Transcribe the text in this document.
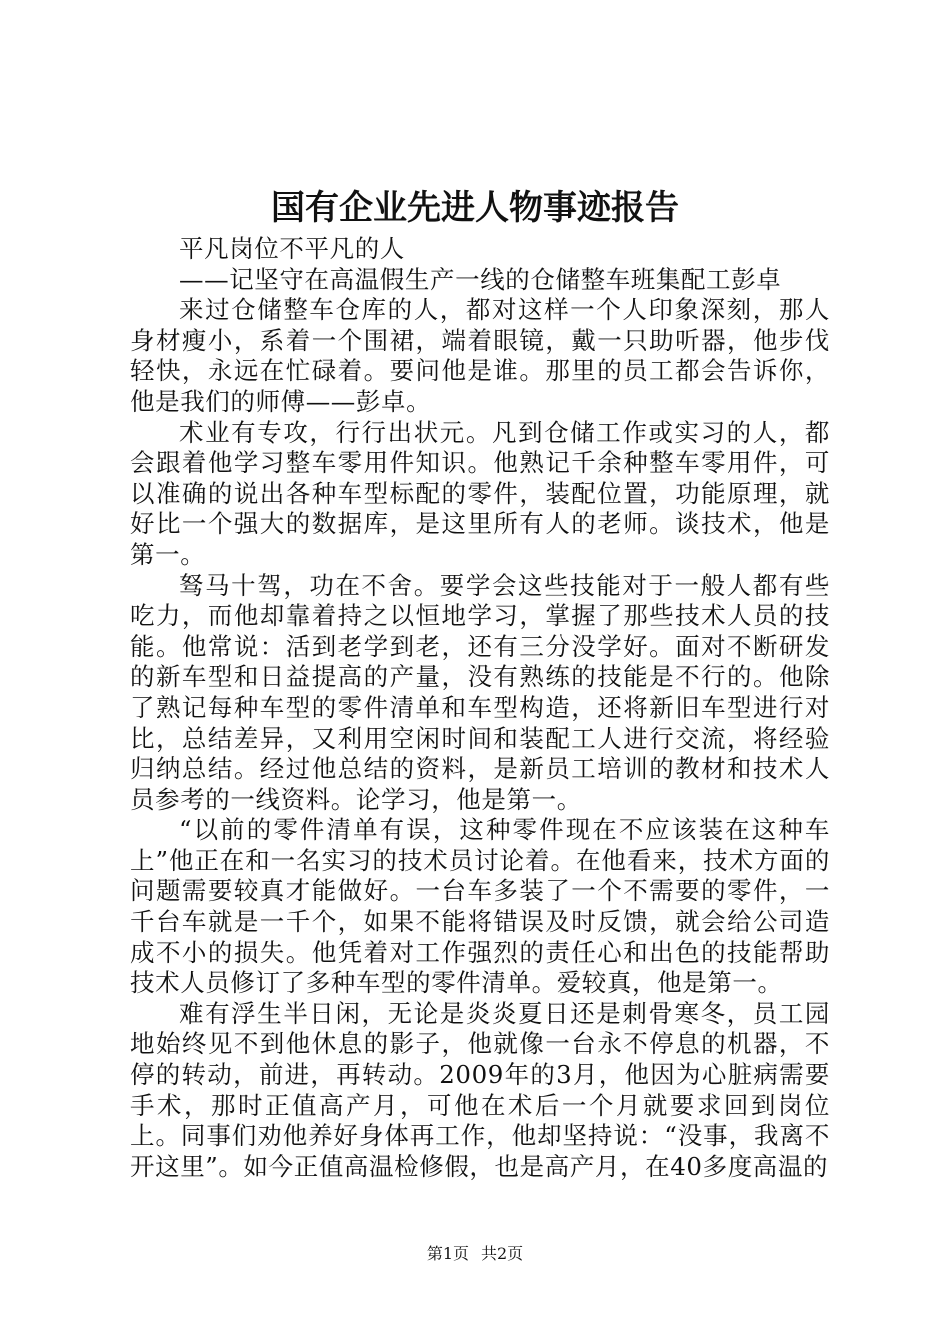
国有企业先进人物事迹报告

平凡岗位不平凡的人

——记坚守在高温假生产一线的仓储整车班集配工彭卓

来过仓储整车仓库的人，都对这样一个人印象深刻，那人身材瘦小，系着一个围裙，端着眼镜，戴一只助听器，他步伐轻快，永远在忙碌着。要问他是谁。那里的员工都会告诉你，他是我们的师傅——彭卓。

术业有专攻，行行出状元。凡到仓储工作或实习的人，都会跟着他学习整车零用件知识。他熟记千余种整车零用件，可以准确的说出各种车型标配的零件，装配位置，功能原理，就好比一个强大的数据库，是这里所有人的老师。谈技术，他是第一。

驽马十驾，功在不舍。要学会这些技能对于一般人都有些吃力，而他却靠着持之以恒地学习，掌握了那些技术人员的技能。他常说：活到老学到老，还有三分没学好。面对不断研发的新车型和日益提高的产量，没有熟练的技能是不行的。他除了熟记每种车型的零件清单和车型构造，还将新旧车型进行对比，总结差异，又利用空闲时间和装配工人进行交流，将经验归纳总结。经过他总结的资料，是新员工培训的教材和技术人员参考的一线资料。论学习，他是第一。

“以前的零件清单有误，这种零件现在不应该装在这种车上”他正在和一名实习的技术员讨论着。在他看来，技术方面的问题需要较真才能做好。一台车多装了一个不需要的零件，一千台车就是一千个，如果不能将错误及时反馈，就会给公司造成不小的损失。他凭着对工作强烈的责任心和出色的技能帮助技术人员修订了多种车型的零件清单。爱较真，他是第一。

难有浮生半日闲，无论是炎炎夏日还是刺骨寒冬，员工园地始终见不到他休息的影子，他就像一台永不停息的机器，不停的转动，前进，再转动。2009年的3月，他因为心脏病需要手术，那时正值高产月，可他在术后一个月就要求回到岗位上。同事们劝他养好身体再工作，他却坚持说：“没事，我离不开这里”。如今正值高温检修假，也是高产月，在40多度高温的

第1页 共2页
